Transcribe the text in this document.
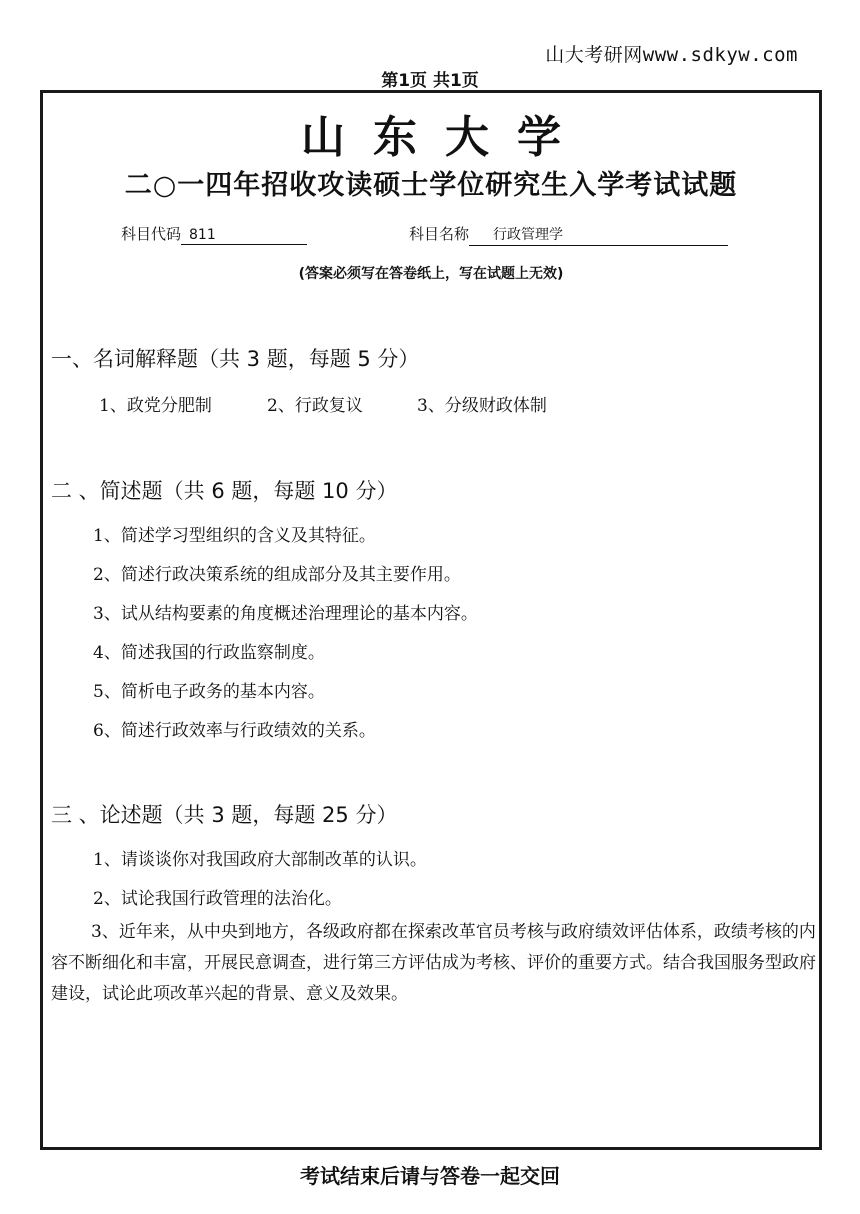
山大考研网www.sdkyw.com
第1页 共1页
山东大学
二○一四年招收攻读硕士学位研究生入学考试试题
科目代码 811	科目名称 行政管理学
(答案必须写在答卷纸上，写在试题上无效)
一、名词解释题（共 3 题，每题 5 分）
1、政党分肥制	2、行政复议	3、分级财政体制
二 、简述题（共 6 题，每题 10 分）
1、简述学习型组织的含义及其特征。
2、简述行政决策系统的组成部分及其主要作用。
3、试从结构要素的角度概述治理理论的基本内容。
4、简述我国的行政监察制度。
5、简析电子政务的基本内容。
6、简述行政效率与行政绩效的关系。
三 、论述题（共 3 题，每题 25 分）
1、请谈谈你对我国政府大部制改革的认识。
2、试论我国行政管理的法治化。
3、近年来，从中央到地方，各级政府都在探索改革官员考核与政府绩效评估体系，政绩考核的内容不断细化和丰富，开展民意调查，进行第三方评估成为考核、评价的重要方式。结合我国服务型政府建设，试论此项改革兴起的背景、意义及效果。
考试结束后请与答卷一起交回
